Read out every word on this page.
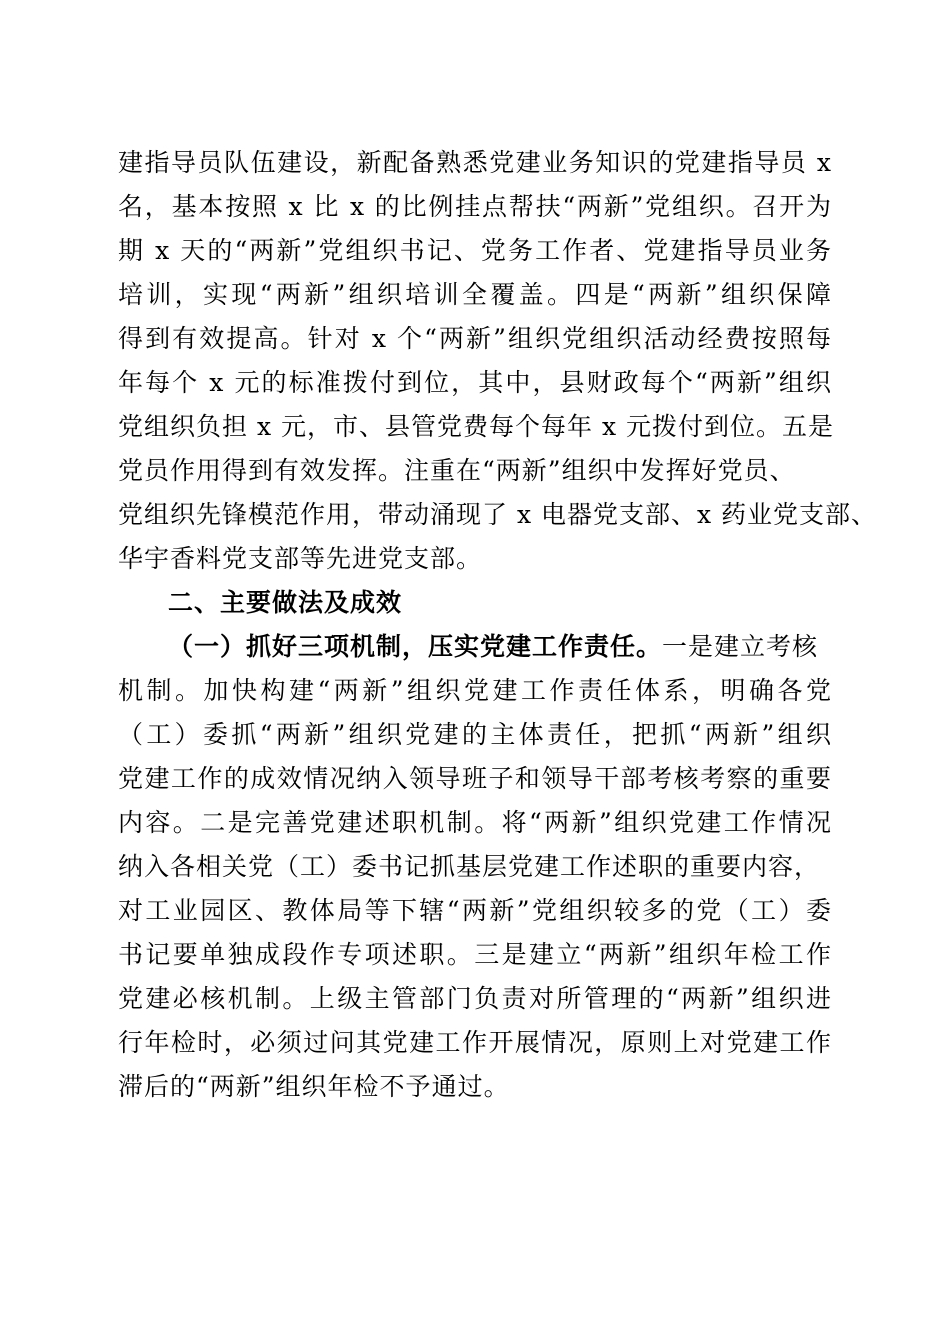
建指导员队伍建设，新配备熟悉党建业务知识的党建指导员 x
名，基本按照 x 比 x 的比例挂点帮扶“两新”党组织。召开为
期 x 天的“两新”党组织书记、党务工作者、党建指导员业务
培训，实现“两新”组织培训全覆盖。四是“两新”组织保障
得到有效提高。针对 x 个“两新”组织党组织活动经费按照每
年每个 x 元的标准拨付到位，其中，县财政每个“两新”组织
党组织负担 x 元，市、县管党费每个每年 x 元拨付到位。五是
党员作用得到有效发挥。注重在“两新”组织中发挥好党员、
党组织先锋模范作用，带动涌现了 x 电器党支部、x 药业党支部、
华宇香料党支部等先进党支部。
二、主要做法及成效
（一）抓好三项机制，压实党建工作责任。一是建立考核
机制。加快构建“两新”组织党建工作责任体系，明确各党
（工）委抓“两新”组织党建的主体责任，把抓“两新”组织
党建工作的成效情况纳入领导班子和领导干部考核考察的重要
内容。二是完善党建述职机制。将“两新”组织党建工作情况
纳入各相关党（工）委书记抓基层党建工作述职的重要内容，
对工业园区、教体局等下辖“两新”党组织较多的党（工）委
书记要单独成段作专项述职。三是建立“两新”组织年检工作
党建必核机制。上级主管部门负责对所管理的“两新”组织进
行年检时，必须过问其党建工作开展情况，原则上对党建工作
滞后的“两新”组织年检不予通过。
